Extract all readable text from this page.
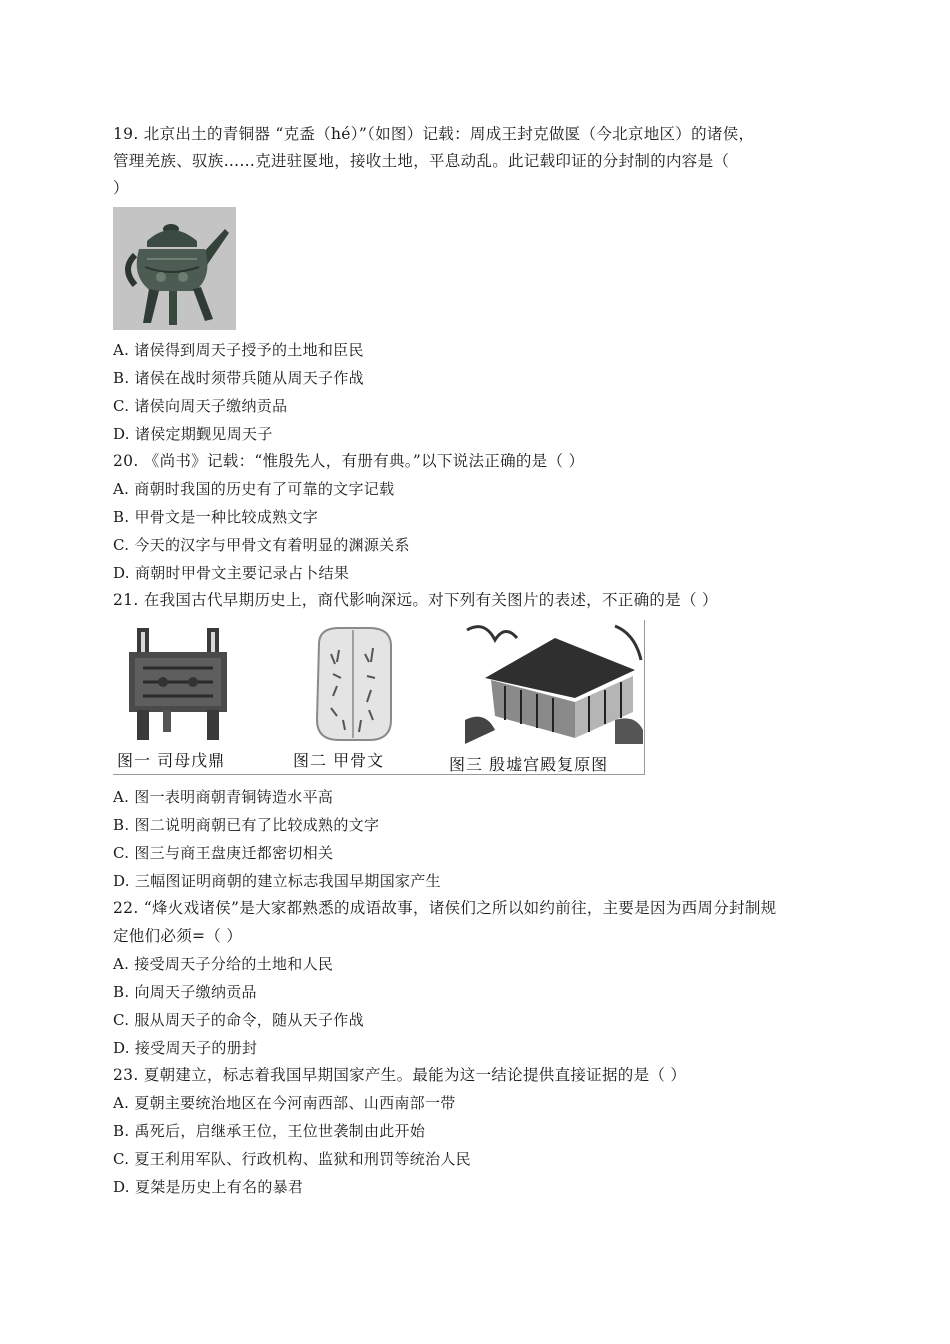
19. 北京出土的青铜器 “克盉（hé）”（如图）记载：周成王封克做匽（今北京地区）的诸侯，
管理羌族、驭族……克进驻匽地，接收土地，平息动乱。此记载印证的分封制的内容是（
）
A. 诸侯得到周天子授予的土地和臣民
B. 诸侯在战时须带兵随从周天子作战
C. 诸侯向周天子缴纳贡品
D. 诸侯定期觐见周天子
20. 《尚书》记载：“惟殷先人，有册有典。”以下说法正确的是（ ）
A. 商朝时我国的历史有了可靠的文字记载
B. 甲骨文是一种比较成熟文字
C. 今天的汉字与甲骨文有着明显的渊源关系
D. 商朝时甲骨文主要记录占卜结果
21. 在我国古代早期历史上，商代影响深远。对下列有关图片的表述，不正确的是（ ）
图一 司母戊鼎	图二 甲骨文	图三 殷墟宫殿复原图
A. 图一表明商朝青铜铸造水平高
B. 图二说明商朝已有了比较成熟的文字
C. 图三与商王盘庚迁都密切相关
D. 三幅图证明商朝的建立标志我国早期国家产生
22. “烽火戏诸侯”是大家都熟悉的成语故事，诸侯们之所以如约前往，主要是因为西周分封制规
定他们必须=（ ）
A. 接受周天子分给的土地和人民
B. 向周天子缴纳贡品
C. 服从周天子的命令，随从天子作战
D. 接受周天子的册封
23. 夏朝建立，标志着我国早期国家产生。最能为这一结论提供直接证据的是（ ）
A. 夏朝主要统治地区在今河南西部、山西南部一带
B. 禹死后，启继承王位，王位世袭制由此开始
C. 夏王利用军队、行政机构、监狱和刑罚等统治人民
D. 夏桀是历史上有名的暴君
